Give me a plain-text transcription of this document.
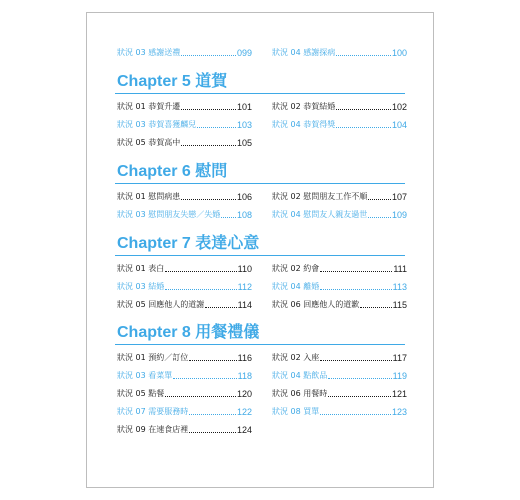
狀況 03 感謝送禮	099	狀況 04 感謝探病	100
Chapter 5 道賀
狀況 01 恭賀升遷	101	狀況 02 恭賀結婚	102
狀況 03 恭賀喜獲麟兒	103	狀況 04 恭賀得獎	104
狀況 05 恭賀高中	105
Chapter 6 慰問
狀況 01 慰問病患	106	狀況 02 慰問朋友工作不順	107
狀況 03 慰問朋友失戀／失婚 108	狀況 04 慰問友人親友過世	109
Chapter 7 表達心意
狀況 01 表白	110	狀況 02 約會	111
狀況 03 結婚	112	狀況 04 離婚	113
狀況 05 回應他人的道謝	114	狀況 06 回應他人的道歉	115
Chapter 8 用餐禮儀
狀況 01 預約／訂位	116	狀況 02 入座	117
狀況 03 看菜單	118	狀況 04 點飲品	119
狀況 05 點餐	120	狀況 06 用餐時	121
狀況 07 需要服務時	122	狀況 08 買單	123
狀況 09 在速食店裡	124
